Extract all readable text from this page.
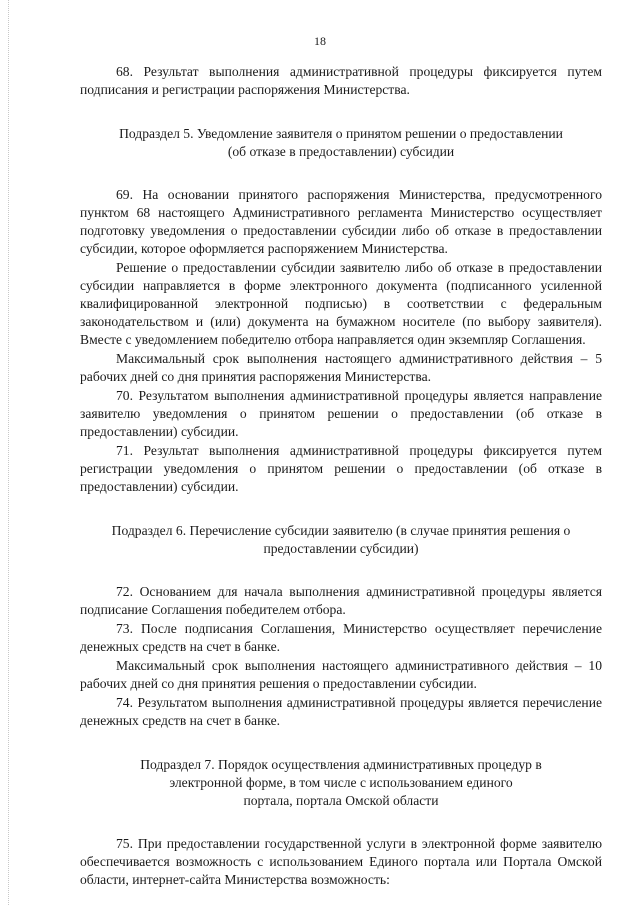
18

68. Результат выполнения административной процедуры фиксируется путем подписания и регистрации распоряжения Министерства.

Подраздел 5. Уведомление заявителя о принятом решении о предоставлении
(об отказе в предоставлении) субсидии

69. На основании принятого распоряжения Министерства, предусмотренного пунктом 68 настоящего Административного регламента Министерство осуществляет подготовку уведомления о предоставлении субсидии либо об отказе в предоставлении субсидии, которое оформляется распоряжением Министерства.

Решение о предоставлении субсидии заявителю либо об отказе в предоставлении субсидии направляется в форме электронного документа (подписанного усиленной квалифицированной электронной подписью) в соответствии с федеральным законодательством и (или) документа на бумажном носителе (по выбору заявителя). Вместе с уведомлением победителю отбора направляется один экземпляр Соглашения.

Максимальный срок выполнения настоящего административного действия – 5 рабочих дней со дня принятия распоряжения Министерства.

70. Результатом выполнения административной процедуры является направление заявителю уведомления о принятом решении о предоставлении (об отказе в предоставлении) субсидии.

71. Результат выполнения административной процедуры фиксируется путем регистрации уведомления о принятом решении о предоставлении (об отказе в предоставлении) субсидии.

Подраздел 6. Перечисление субсидии заявителю (в случае принятия решения о
предоставлении субсидии)

72. Основанием для начала выполнения административной процедуры является подписание Соглашения победителем отбора.

73. После подписания Соглашения, Министерство осуществляет перечисление денежных средств на счет в банке.

Максимальный срок выполнения настоящего административного действия – 10 рабочих дней со дня принятия решения о предоставлении субсидии.

74. Результатом выполнения административной процедуры является перечисление денежных средств на счет в банке.

Подраздел 7. Порядок осуществления административных процедур в
электронной форме, в том числе с использованием единого
портала, портала Омской области

75. При предоставлении государственной услуги в электронной форме заявителю обеспечивается возможность с использованием Единого портала или Портала Омской области, интернет-сайта Министерства возможность:
